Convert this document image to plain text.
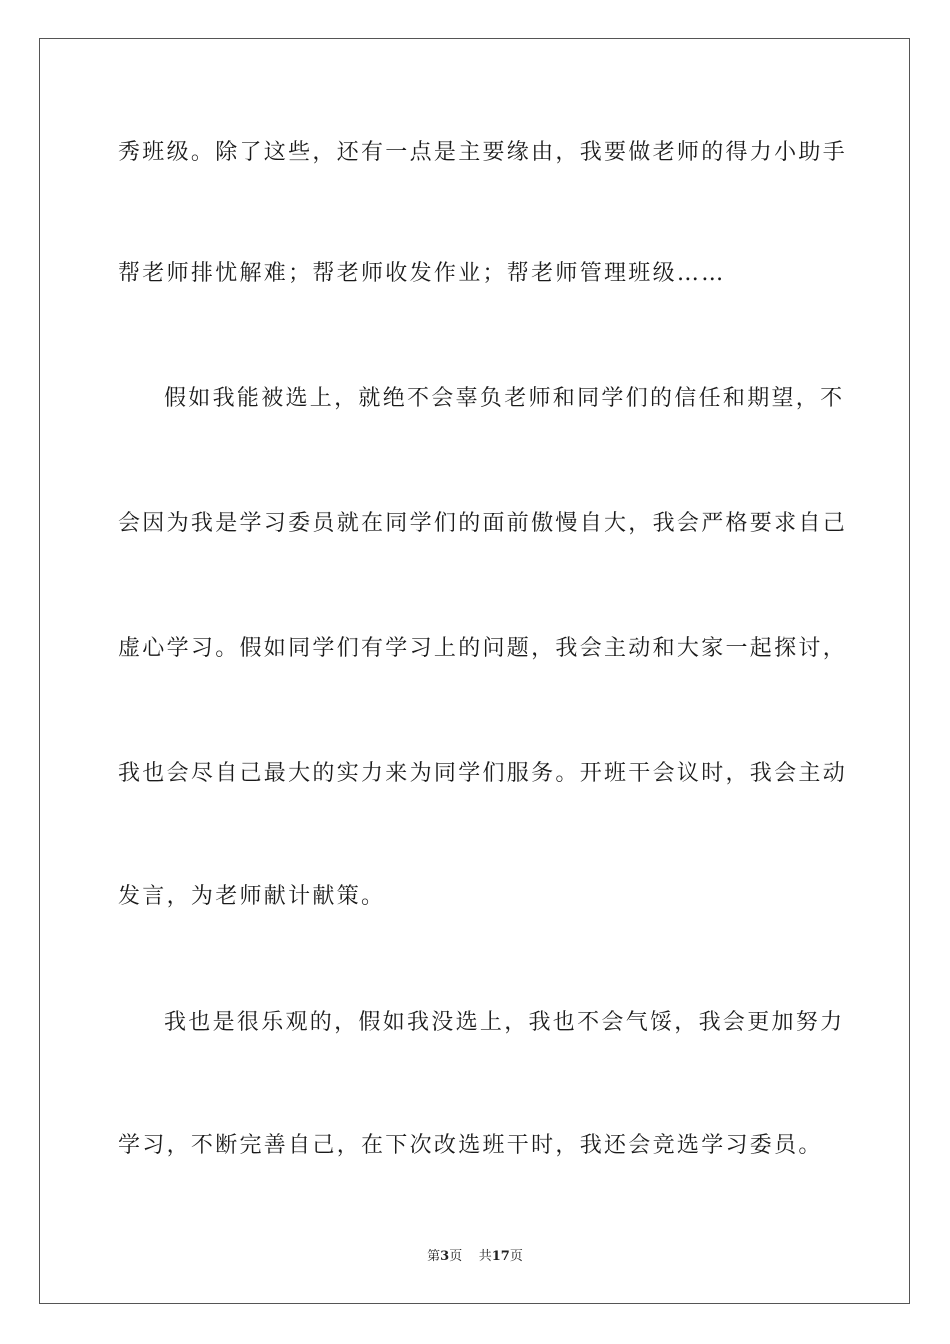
秀班级。除了这些，还有一点是主要缘由，我要做老师的得力小助手
帮老师排忧解难；帮老师收发作业；帮老师管理班级……
假如我能被选上，就绝不会辜负老师和同学们的信任和期望，不
会因为我是学习委员就在同学们的面前傲慢自大，我会严格要求自己
虚心学习。假如同学们有学习上的问题，我会主动和大家一起探讨，
我也会尽自己最大的实力来为同学们服务。开班干会议时，我会主动
发言，为老师献计献策。
我也是很乐观的，假如我没选上，我也不会气馁，我会更加努力
学习，不断完善自己，在下次改选班干时，我还会竞选学习委员。
第3页 共17页
